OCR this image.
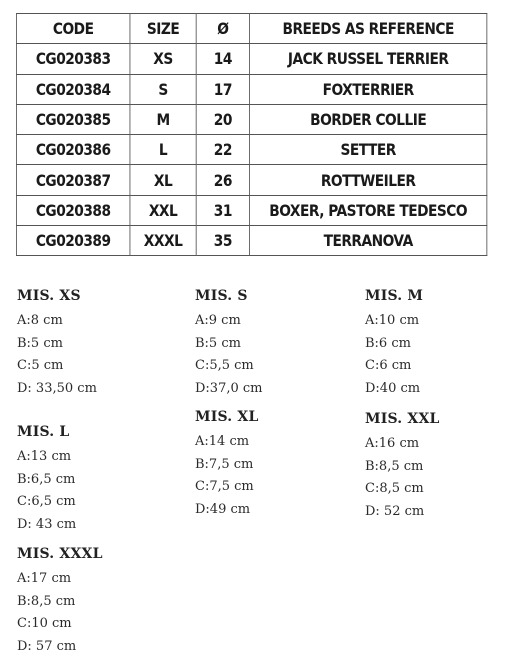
CODE	SIZE	Ø	BREEDS AS REFERENCE
CG020383	XS	14	JACK RUSSEL TERRIER
CG020384	S	17	FOXTERRIER
CG020385	M	20	BORDER COLLIE
CG020386	L	22	SETTER
CG020387	XL	26	ROTTWEILER
CG020388	XXL	31	BOXER, PASTORE TEDESCO
CG020389	XXXL	35	TERRANOVA
MIS. XS
A:8 cm
B:5 cm
C:5 cm
D: 33,50 cm
MIS. L
A:13 cm
B:6,5 cm
C:6,5 cm
D: 43 cm
MIS. XXXL
A:17 cm
B:8,5 cm
C:10 cm
D: 57 cm
MIS. S
A:9 cm
B:5 cm
C:5,5 cm
D:37,0 cm
MIS. XL
A:14 cm
B:7,5 cm
C:7,5 cm
D:49 cm
MIS. M
A:10 cm
B:6 cm
C:6 cm
D:40 cm
MIS. XXL
A:16 cm
B:8,5 cm
C:8,5 cm
D: 52 cm
